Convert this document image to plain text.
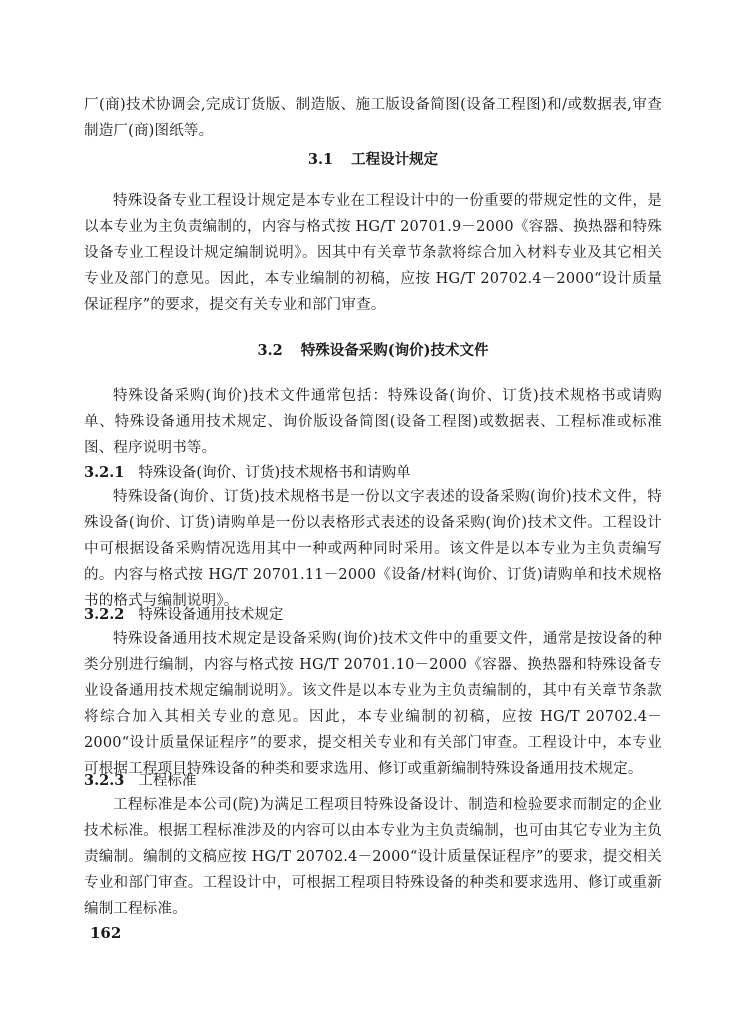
厂(商)技术协调会,完成订货版、制造版、施工版设备简图(设备工程图)和/或数据表,审查制造厂(商)图纸等。

3.1 工程设计规定

特殊设备专业工程设计规定是本专业在工程设计中的一份重要的带规定性的文件，是以本专业为主负责编制的，内容与格式按 HG/T 20701.9－2000《容器、换热器和特殊设备专业工程设计规定编制说明》。因其中有关章节条款将综合加入材料专业及其它相关专业及部门的意见。因此，本专业编制的初稿，应按 HG/T 20702.4－2000“设计质量保证程序”的要求，提交有关专业和部门审查。

3.2 特殊设备采购(询价)技术文件

特殊设备采购(询价)技术文件通常包括：特殊设备(询价、订货)技术规格书或请购单、特殊设备通用技术规定、询价版设备简图(设备工程图)或数据表、工程标准或标准图、程序说明书等。

3.2.1 特殊设备(询价、订货)技术规格书和请购单

特殊设备(询价、订货)技术规格书是一份以文字表述的设备采购(询价)技术文件，特殊设备(询价、订货)请购单是一份以表格形式表述的设备采购(询价)技术文件。工程设计中可根据设备采购情况选用其中一种或两种同时采用。该文件是以本专业为主负责编写的。内容与格式按 HG/T 20701.11－2000《设备/材料(询价、订货)请购单和技术规格书的格式与编制说明》。

3.2.2 特殊设备通用技术规定

特殊设备通用技术规定是设备采购(询价)技术文件中的重要文件，通常是按设备的种类分别进行编制，内容与格式按 HG/T 20701.10－2000《容器、换热器和特殊设备专业设备通用技术规定编制说明》。该文件是以本专业为主负责编制的，其中有关章节条款将综合加入其相关专业的意见。因此，本专业编制的初稿，应按 HG/T 20702.4－2000“设计质量保证程序”的要求，提交相关专业和有关部门审查。工程设计中，本专业可根据工程项目特殊设备的种类和要求选用、修订或重新编制特殊设备通用技术规定。

3.2.3 工程标准

工程标准是本公司(院)为满足工程项目特殊设备设计、制造和检验要求而制定的企业技术标准。根据工程标准涉及的内容可以由本专业为主负责编制，也可由其它专业为主负责编制。编制的文稿应按 HG/T 20702.4－2000“设计质量保证程序”的要求，提交相关专业和部门审查。工程设计中，可根据工程项目特殊设备的种类和要求选用、修订或重新编制工程标准。

162
